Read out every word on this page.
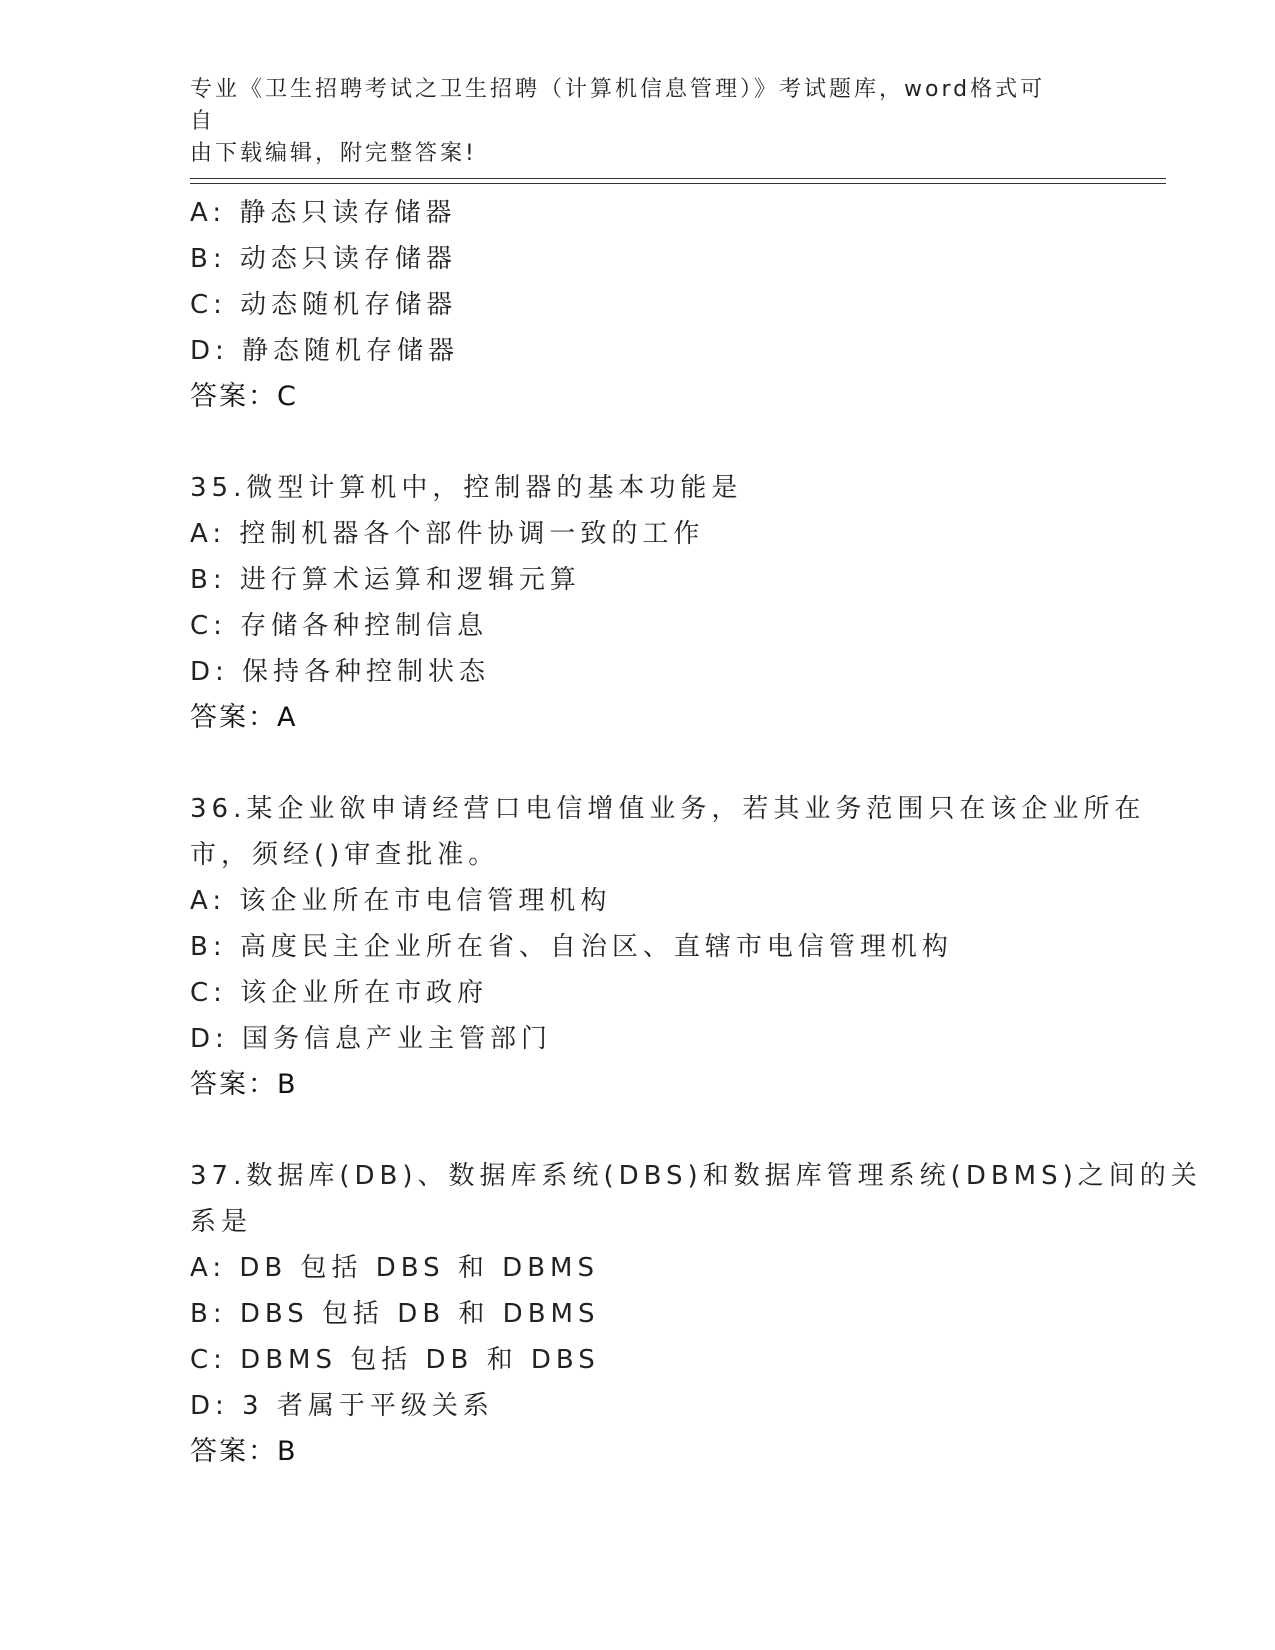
专业《卫生招聘考试之卫生招聘（计算机信息管理）》考试题库，word格式可自
由下载编辑，附完整答案!
A: 静态只读存储器
B: 动态只读存储器
C: 动态随机存储器
D: 静态随机存储器
答案：C
35.微型计算机中，控制器的基本功能是
A: 控制机器各个部件协调一致的工作
B: 进行算术运算和逻辑元算
C: 存储各种控制信息
D: 保持各种控制状态
答案：A
36.某企业欲申请经营口电信增值业务，若其业务范围只在该企业所在
市，须经()审查批准。
A: 该企业所在市电信管理机构
B: 高度民主企业所在省、自治区、直辖市电信管理机构
C: 该企业所在市政府
D: 国务信息产业主管部门
答案：B
37.数据库(DB)、数据库系统(DBS)和数据库管理系统(DBMS)之间的关
系是
A: DB 包括 DBS 和 DBMS
B: DBS 包括 DB 和 DBMS
C: DBMS 包括 DB 和 DBS
D: 3 者属于平级关系
答案：B
